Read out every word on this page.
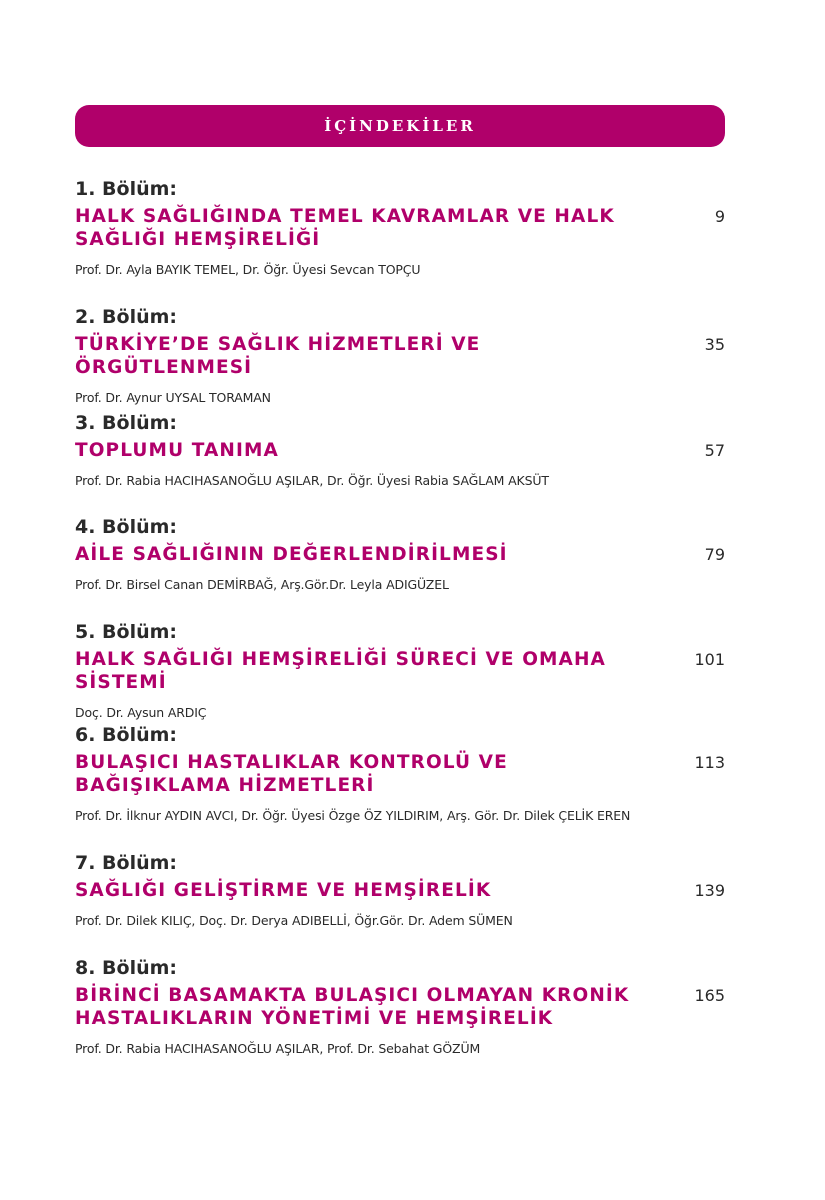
İÇİNDEKİLER
1. Bölüm:
HALK SAĞLIĞINDA TEMEL KAVRAMLAR VE HALK SAĞLIĞI HEMŞİRELİĞİ
9
Prof. Dr. Ayla BAYIK TEMEL, Dr. Öğr. Üyesi Sevcan TOPÇU
2. Bölüm:
TÜRKİYE’DE SAĞLIK HİZMETLERİ VE ÖRGÜTLENMESİ
35
Prof. Dr. Aynur UYSAL TORAMAN
3. Bölüm:
TOPLUMU TANIMA	57
Prof. Dr. Rabia HACIHASANOĞLU AŞILAR, Dr. Öğr. Üyesi Rabia SAĞLAM AKSÜT
4. Bölüm:
AİLE SAĞLIĞININ DEĞERLENDİRİLMESİ	79
Prof. Dr. Birsel Canan DEMİRBAĞ, Arş.Gör.Dr. Leyla ADIGÜZEL
5. Bölüm:
HALK SAĞLIĞI HEMŞİRELİĞİ SÜRECİ VE OMAHA SİSTEMİ
101
Doç. Dr. Aysun ARDIÇ
6. Bölüm:
BULAŞICI HASTALIKLAR KONTROLÜ VE BAĞIŞIKLAMA HİZMETLERİ
113
Prof. Dr. İlknur AYDIN AVCI, Dr. Öğr. Üyesi Özge ÖZ YILDIRIM, Arş. Gör. Dr. Dilek ÇELİK EREN
7. Bölüm:
SAĞLIĞI GELİŞTİRME VE HEMŞİRELİK	139
Prof. Dr. Dilek KILIÇ, Doç. Dr. Derya ADIBELLİ, Öğr.Gör. Dr. Adem SÜMEN
8. Bölüm:
BİRİNCİ BASAMAKTA BULAŞICI OLMAYAN KRONİK HASTALIKLARIN YÖNETİMİ VE HEMŞİRELİK
165
Prof. Dr. Rabia HACIHASANOĞLU AŞILAR, Prof. Dr. Sebahat GÖZÜM
